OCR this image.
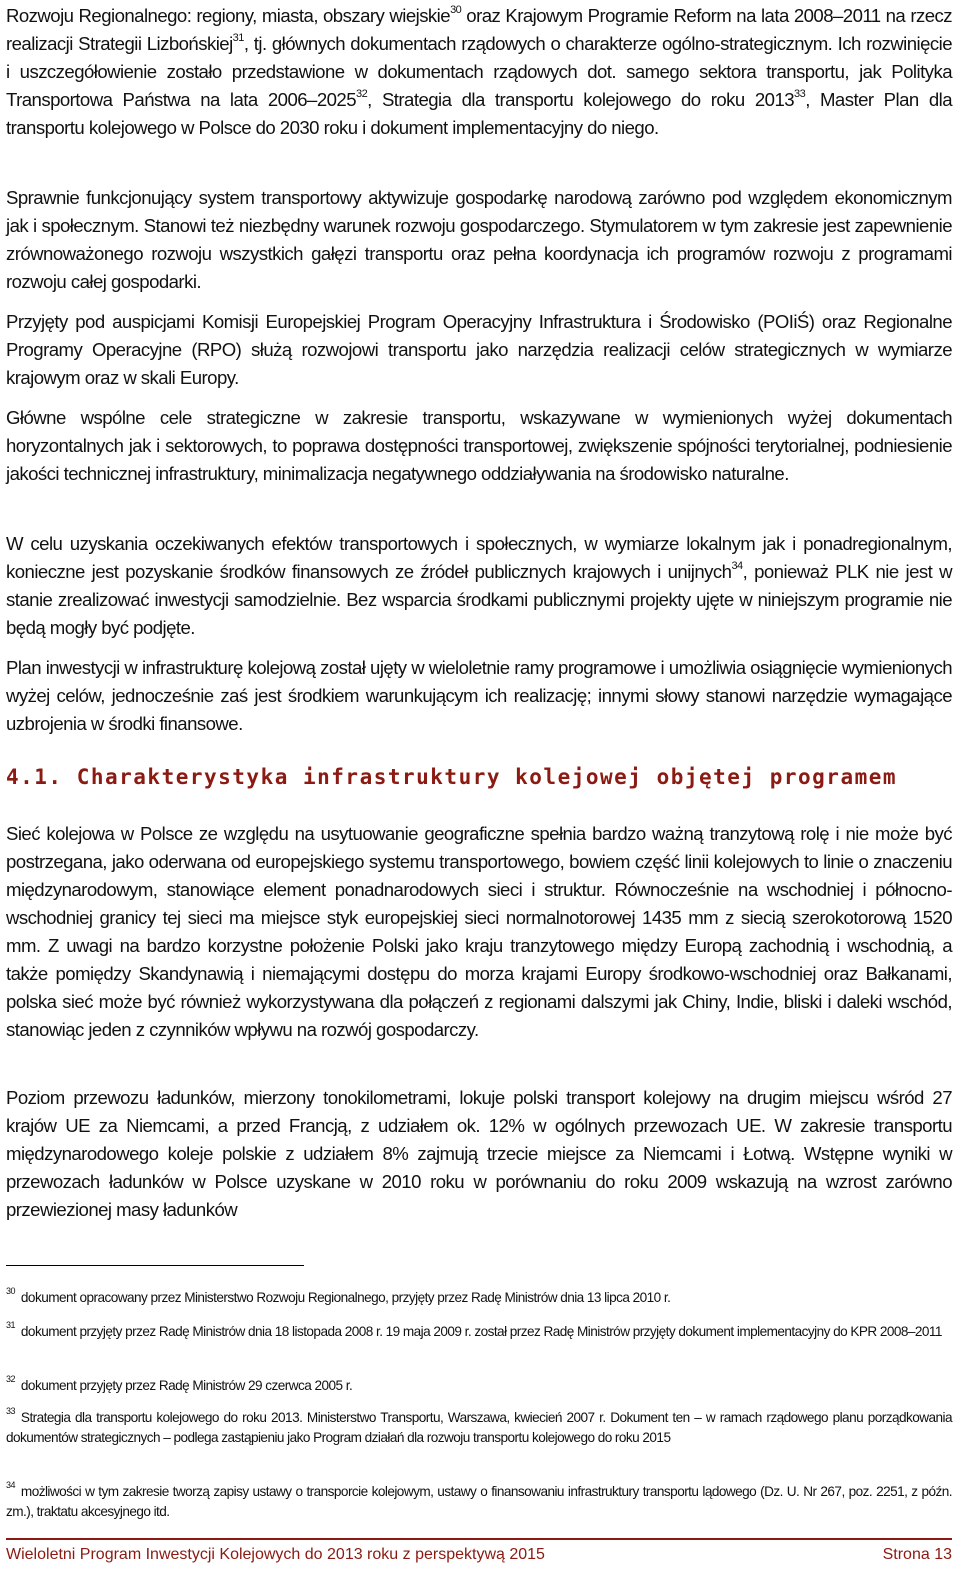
Rozwoju Regionalnego: regiony, miasta, obszary wiejskie$^{30}$ oraz Krajowym Programie Reform na lata 2008–2011 na rzecz realizacji Strategii Lizbońskiej$^{31}$, tj. głównych dokumentach rządowych o charakterze ogólno-strategicznym. Ich rozwinięcie i uszczegółowienie zostało przedstawione w dokumentach rządowych dot. samego sektora transportu, jak Polityka Transportowa Państwa na lata 2006–2025$^{32}$, Strategia dla transportu kolejowego do roku 2013$^{33}$, Master Plan dla transportu kolejowego w Polsce do 2030 roku i dokument implementacyjny do niego.

Sprawnie funkcjonujący system transportowy aktywizuje gospodarkę narodową zarówno pod względem ekonomicznym jak i społecznym. Stanowi też niezbędny warunek rozwoju gospodarczego. Stymulatorem w tym zakresie jest zapewnienie zrównoważonego rozwoju wszystkich gałęzi transportu oraz pełna koordynacja ich programów rozwoju z programami rozwoju całej gospodarki.

Przyjęty pod auspicjami Komisji Europejskiej Program Operacyjny Infrastruktura i Środowisko (POIiŚ) oraz Regionalne Programy Operacyjne (RPO) służą rozwojowi transportu jako narzędzia realizacji celów strategicznych w wymiarze krajowym oraz w skali Europy.

Główne wspólne cele strategiczne w zakresie transportu, wskazywane w wymienionych wyżej dokumentach horyzontalnych jak i sektorowych, to poprawa dostępności transportowej, zwiększenie spójności terytorialnej, podniesienie jakości technicznej infrastruktury, minimalizacja negatywnego oddziaływania na środowisko naturalne.

W celu uzyskania oczekiwanych efektów transportowych i społecznych, w wymiarze lokalnym jak i ponadregionalnym, konieczne jest pozyskanie środków finansowych ze źródeł publicznych krajowych i unijnych$^{34}$, ponieważ PLK nie jest w stanie zrealizować inwestycji samodzielnie. Bez wsparcia środkami publicznymi projekty ujęte w niniejszym programie nie będą mogły być podjęte.

Plan inwestycji w infrastrukturę kolejową został ujęty w wieloletnie ramy programowe i umożliwia osiągnięcie wymienionych wyżej celów, jednocześnie zaś jest środkiem warunkującym ich realizację; innymi słowy stanowi narzędzie wymagające uzbrojenia w środki finansowe.

4.1. Charakterystyka infrastruktury kolejowej objętej programem

Sieć kolejowa w Polsce ze względu na usytuowanie geograficzne spełnia bardzo ważną tranzytową rolę i nie może być postrzegana, jako oderwana od europejskiego systemu transportowego, bowiem część linii kolejowych to linie o znaczeniu międzynarodowym, stanowiące element ponadnarodowych sieci i struktur. Równocześnie na wschodniej i północno-wschodniej granicy tej sieci ma miejsce styk europejskiej sieci normalnotorowej 1435 mm z siecią szerokotorową 1520 mm. Z uwagi na bardzo korzystne położenie Polski jako kraju tranzytowego między Europą zachodnią i wschodnią, a także pomiędzy Skandynawią i niemającymi dostępu do morza krajami Europy środkowo-wschodniej oraz Bałkanami, polska sieć może być również wykorzystywana dla połączeń z regionami dalszymi jak Chiny, Indie, bliski i daleki wschód, stanowiąc jeden z czynników wpływu na rozwój gospodarczy.

Poziom przewozu ładunków, mierzony tonokilometrami, lokuje polski transport kolejowy na drugim miejscu wśród 27 krajów UE za Niemcami, a przed Francją, z udziałem ok. 12% w ogólnych przewozach UE. W zakresie transportu międzynarodowego koleje polskie z udziałem 8% zajmują trzecie miejsce za Niemcami i Łotwą. Wstępne wyniki w przewozach ładunków w Polsce uzyskane w 2010 roku w porównaniu do roku 2009 wskazują na wzrost zarówno przewiezionej masy ładunków

$^{30}$ dokument opracowany przez Ministerstwo Rozwoju Regionalnego, przyjęty przez Radę Ministrów dnia 13 lipca 2010 r.

$^{31}$ dokument przyjęty przez Radę Ministrów dnia 18 listopada 2008 r. 19 maja 2009 r. został przez Radę Ministrów przyjęty dokument implementacyjny do KPR 2008–2011

$^{32}$ dokument przyjęty przez Radę Ministrów 29 czerwca 2005 r.

$^{33}$ Strategia dla transportu kolejowego do roku 2013. Ministerstwo Transportu, Warszawa, kwiecień 2007 r. Dokument ten – w ramach rządowego planu porządkowania dokumentów strategicznych – podlega zastąpieniu jako Program działań dla rozwoju transportu kolejowego do roku 2015

$^{34}$ możliwości w tym zakresie tworzą zapisy ustawy o transporcie kolejowym, ustawy o finansowaniu infrastruktury transportu lądowego (Dz. U. Nr 267, poz. 2251, z późn. zm.), traktatu akcesyjnego itd.

Wieloletni Program Inwestycji Kolejowych do 2013 roku z perspektywą 2015	Strona 13
